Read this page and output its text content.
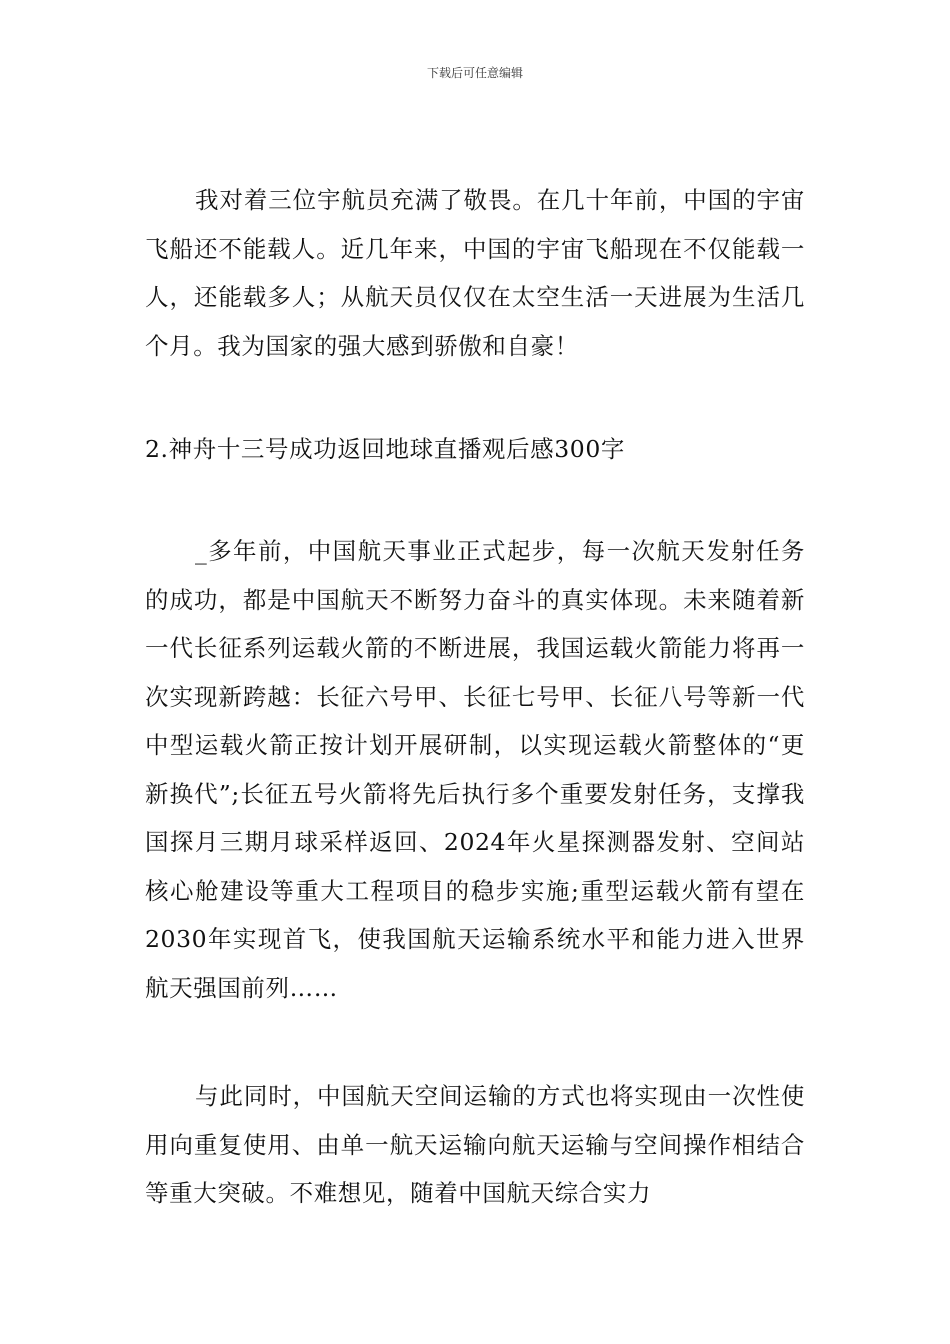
下载后可任意编辑

我对着三位宇航员充满了敬畏。在几十年前，中国的宇宙飞船还不能载人。近几年来，中国的宇宙飞船现在不仅能载一人，还能载多人；从航天员仅仅在太空生活一天进展为生活几个月。我为国家的强大感到骄傲和自豪！

2.神舟十三号成功返回地球直播观后感300字

_多年前，中国航天事业正式起步，每一次航天发射任务的成功，都是中国航天不断努力奋斗的真实体现。未来随着新一代长征系列运载火箭的不断进展，我国运载火箭能力将再一次实现新跨越：长征六号甲、长征七号甲、长征八号等新一代中型运载火箭正按计划开展研制，以实现运载火箭整体的“更新换代”;长征五号火箭将先后执行多个重要发射任务，支撑我国探月三期月球采样返回、2024年火星探测器发射、空间站核心舱建设等重大工程项目的稳步实施;重型运载火箭有望在2030年实现首飞，使我国航天运输系统水平和能力进入世界航天强国前列……

与此同时，中国航天空间运输的方式也将实现由一次性使用向重复使用、由单一航天运输向航天运输与空间操作相结合等重大突破。不难想见，随着中国航天综合实力
